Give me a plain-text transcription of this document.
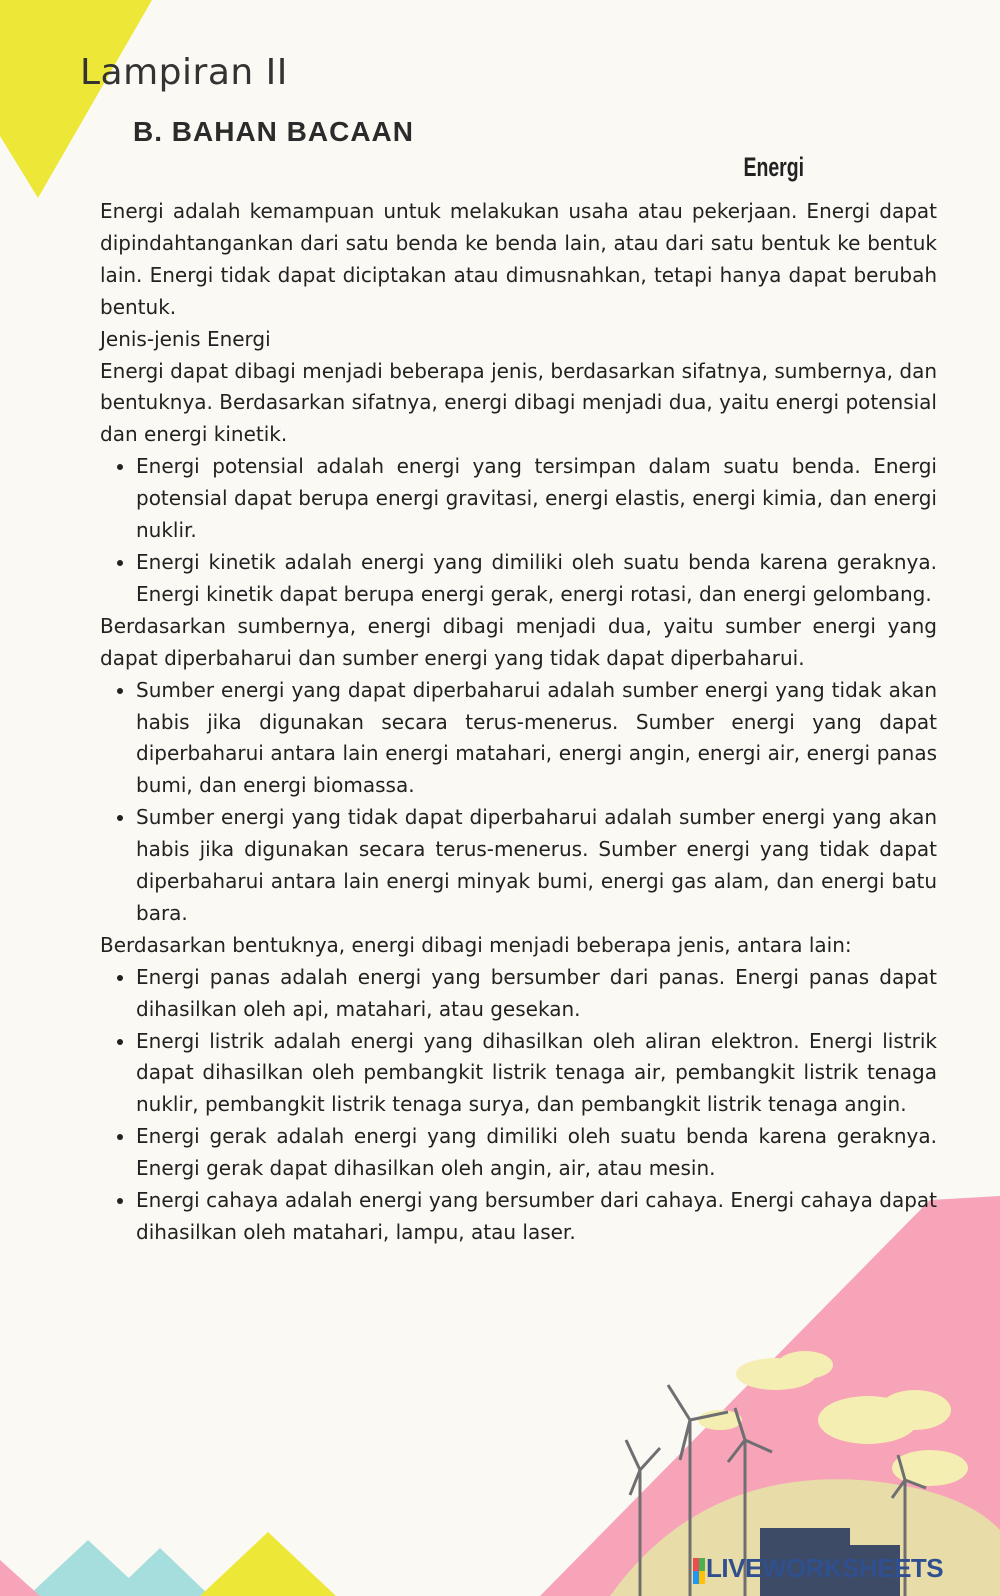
Lampiran II
B. BAHAN BACAAN
Energi

Energi adalah kemampuan untuk melakukan usaha atau pekerjaan. Energi dapat dipindahtangankan dari satu benda ke benda lain, atau dari satu bentuk ke bentuk lain. Energi tidak dapat diciptakan atau dimusnahkan, tetapi hanya dapat berubah bentuk.

Jenis-jenis Energi

Energi dapat dibagi menjadi beberapa jenis, berdasarkan sifatnya, sumbernya, dan bentuknya. Berdasarkan sifatnya, energi dibagi menjadi dua, yaitu energi potensial dan energi kinetik.

• Energi potensial adalah energi yang tersimpan dalam suatu benda. Energi potensial dapat berupa energi gravitasi, energi elastis, energi kimia, dan energi nuklir.
• Energi kinetik adalah energi yang dimiliki oleh suatu benda karena geraknya. Energi kinetik dapat berupa energi gerak, energi rotasi, dan energi gelombang.

Berdasarkan sumbernya, energi dibagi menjadi dua, yaitu sumber energi yang dapat diperbaharui dan sumber energi yang tidak dapat diperbaharui.

• Sumber energi yang dapat diperbaharui adalah sumber energi yang tidak akan habis jika digunakan secara terus-menerus. Sumber energi yang dapat diperbaharui antara lain energi matahari, energi angin, energi air, energi panas bumi, dan energi biomassa.
• Sumber energi yang tidak dapat diperbaharui adalah sumber energi yang akan habis jika digunakan secara terus-menerus. Sumber energi yang tidak dapat diperbaharui antara lain energi minyak bumi, energi gas alam, dan energi batu bara.

Berdasarkan bentuknya, energi dibagi menjadi beberapa jenis, antara lain:

• Energi panas adalah energi yang bersumber dari panas. Energi panas dapat dihasilkan oleh api, matahari, atau gesekan.
• Energi listrik adalah energi yang dihasilkan oleh aliran elektron. Energi listrik dapat dihasilkan oleh pembangkit listrik tenaga air, pembangkit listrik tenaga nuklir, pembangkit listrik tenaga surya, dan pembangkit listrik tenaga angin.
• Energi gerak adalah energi yang dimiliki oleh suatu benda karena geraknya. Energi gerak dapat dihasilkan oleh angin, air, atau mesin.
• Energi cahaya adalah energi yang bersumber dari cahaya. Energi cahaya dapat dihasilkan oleh matahari, lampu, atau laser.
LIVEWORKSHEETS
